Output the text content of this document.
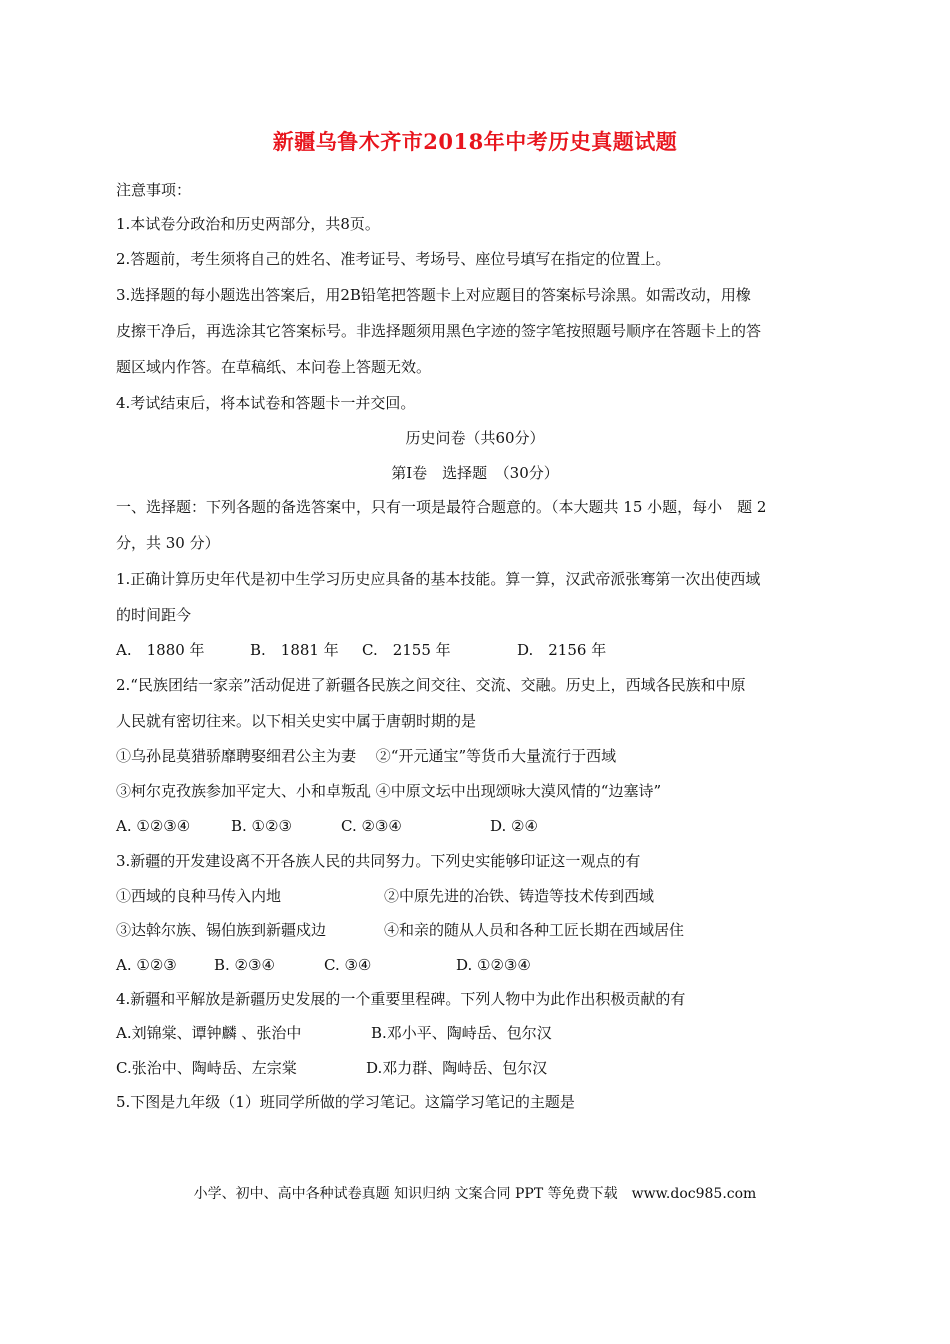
新疆乌鲁木齐市2018年中考历史真题试题
注意事项：
1.本试卷分政治和历史两部分，共8页。
2.答题前，考生须将自己的姓名、准考证号、考场号、座位号填写在指定的位置上。
3.选择题的每小题选出答案后，用2B铅笔把答题卡上对应题目的答案标号涂黑。如需改动，用橡
皮擦干净后，再选涂其它答案标号。非选择题须用黑色字迹的签字笔按照题号顺序在答题卡上的答
题区域内作答。在草稿纸、本问卷上答题无效。
4.考试结束后，将本试卷和答题卡一并交回。
历史问卷（共60分）
第Ⅰ卷　选择题　（30分）
一、选择题：下列各题的备选答案中，只有一项是最符合题意的。（本大题共 15 小题，每小　题 2
分，共 30 分）
1.正确计算历史年代是初中生学习历史应具备的基本技能。算一算，汉武帝派张骞第一次出使西域
的时间距今
A.　1880 年	B.　1881 年 C.　2155 年	D.　2156 年
2.“民族团结一家亲”活动促进了新疆各民族之间交往、交流、交融。历史上，西域各民族和中原
人民就有密切往来。以下相关史实中属于唐朝时期的是
①乌孙昆莫猎骄靡聘娶细君公主为妻　 ②“开元通宝”等货币大量流行于西域
③柯尔克孜族参加平定大、小和卓叛乱 ④中原文坛中出现颂咏大漠风情的“边塞诗”
A. ①②③④	B. ①②③	C. ②③④	D. ②④
3.新疆的开发建设离不开各族人民的共同努力。下列史实能够印证这一观点的有
①西域的良种马传入内地	②中原先进的冶铁、铸造等技术传到西域
③达斡尔族、锡伯族到新疆戍边	④和亲的随从人员和各种工匠长期在西域居住
A. ①②③ B. ②③④	C. ③④	D. ①②③④
4.新疆和平解放是新疆历史发展的一个重要里程碑。下列人物中为此作出积极贡献的有
A.刘锦棠、谭钟麟 、张治中	B.邓小平、陶峙岳、包尔汉
C.张治中、陶峙岳、左宗棠	D.邓力群、陶峙岳、包尔汉
5.下图是九年级（1）班同学所做的学习笔记。这篇学习笔记的主题是
小学、初中、高中各种试卷真题 知识归纳 文案合同 PPT 等免费下载　www.doc985.com
